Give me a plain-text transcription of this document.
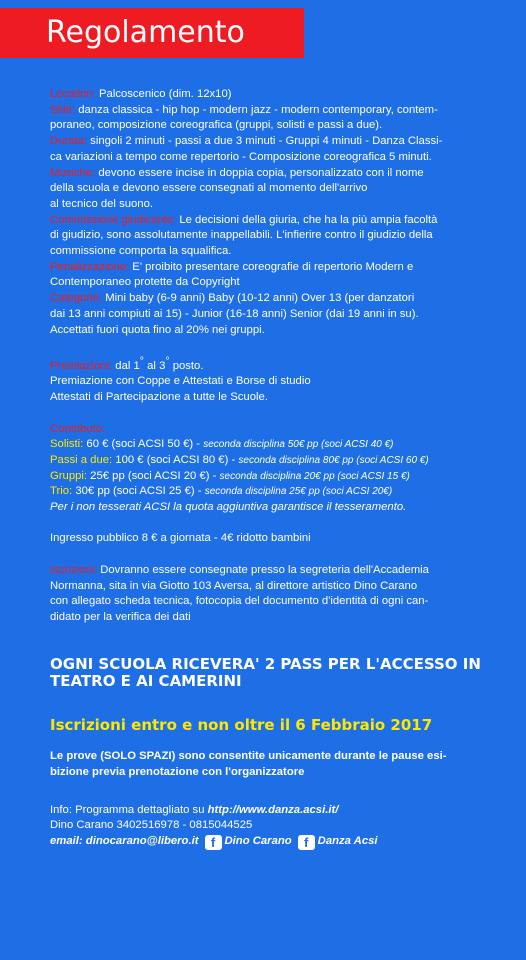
Regolamento

Location: Palcoscenico (dim. 12x10)

Stile: danza classica - hip hop - modern jazz - modern contemporary, contem-

poraneo, composizione coreografica (gruppi, solisti e passi a due).

Durata: singoli 2 minuti - passi a due 3 minuti - Gruppi 4 minuti - Danza Classi-

ca variazioni a tempo come repertorio - Composizione coreografica 5 minuti.

Musiche: devono essere incise in doppia copia, personalizzato con il nome

della scuola e devono essere consegnati al momento dell'arrivo

al tecnico del suono.

Commissione giudicante: Le decisioni della giuria, che ha la più ampia facoltà

di giudizio, sono assolutamente inappellabili. L'infierire contro il giudizio della

commissione comporta la squalifica.

Penalizzazione: E' proibito presentare coreografie di repertorio Modern e

Contemporaneo protette da Copyright

Categorie: Mini baby (6-9 anni) Baby (10-12 anni) Over 13 (per danzatori

dai 13 anni compiuti ai 15) - Junior (16-18 anni) Senior (dai 19 anni in su).

Accettati fuori quota fino al 20% nei gruppi.

Premiazioni: dal 1° al 3° posto.

Premiazione con Coppe e Attestati e Borse di studio

Attestati di Partecipazione a tutte le Scuole.

Contributo:

Solisti: 60 € (soci ACSI 50 €) - seconda disciplina 50€ pp (soci ACSI 40 €)

Passi a due: 100 € (soci ACSI 80 €) - seconda disciplina 80€ pp (soci ACSI 60 €)

Gruppi: 25€ pp (soci ACSI 20 €) - seconda disciplina 20€ pp (soci ACSI 15 €)

Trio: 30€ pp (soci ACSI 25 €) - seconda disciplina 25€ pp (soci ACSI 20€)

Per i non tesserati ACSI la quota aggiuntiva garantisce il tesseramento.

Ingresso pubblico 8 € a giornata - 4€ ridotto bambini

Iscrizioni: Dovranno essere consegnate presso la segreteria dell'Accademia

Normanna, sita in via Giotto 103 Aversa, al direttore artistico Dino Carano

con allegato scheda tecnica, fotocopia del documento d'identità di ogni can-

didato per la verifica dei dati

OGNI SCUOLA RICEVERA' 2 PASS PER L'ACCESSO IN

TEATRO E AI CAMERINI

Iscrizioni entro e non oltre il 6 Febbraio 2017

Le prove (SOLO SPAZI) sono consentite unicamente durante le pause esi-

bizione previa prenotazione con l'organizzatore

Info: Programma dettagliato su http://www.danza.acsi.it/

Dino Carano 3402516978 - 0815044525

email: dinocarano@libero.it f Dino Carano f Danza Acsi
